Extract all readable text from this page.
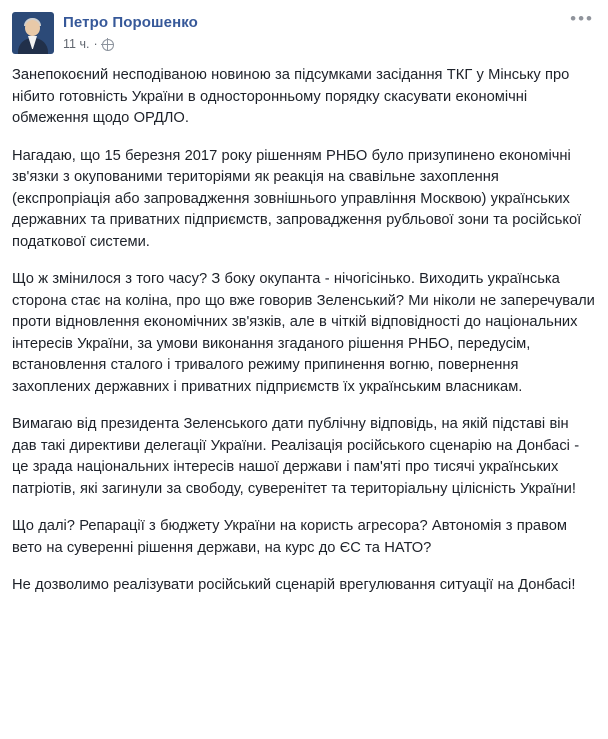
Петро Порошенко
11 ч. ·
•••

Занепокоєний несподіваною новиною за підсумками засідання ТКГ у Мінську про нібито готовність України в односторонньому порядку скасувати економічні обмеження щодо ОРДЛО.

Нагадаю, що 15 березня 2017 року рішенням РНБО було призупинено економічні зв'язки з окупованими територіями як реакція на свавільне захоплення (експропріація або запровадження зовнішнього управління Москвою) українських державних та приватних підприємств, запровадження рубльової зони та російської податкової системи.

Що ж змінилося з того часу? З боку окупанта - нічогісінько. Виходить українська сторона стає на коліна, про що вже говорив Зеленський? Ми ніколи не заперечували проти відновлення економічних зв'язків, але в чіткій відповідності до національних інтересів України, за умови виконання згаданого рішення РНБО, передусім, встановлення сталого і тривалого режиму припинення вогню, повернення захоплених державних і приватних підприємств їх українським власникам.

Вимагаю від президента Зеленського дати публічну відповідь, на якій підставі він дав такі директиви делегації України. Реалізація російського сценарію на Донбасі - це зрада національних інтересів нашої держави і пам'яті про тисячі українських патріотів, які загинули за свободу, суверенітет та територіальну цілісність України!

Що далі? Репарації з бюджету України на користь агресора? Автономія з правом вето на суверенні рішення держави, на курс до ЄС та НАТО?

Не дозволимо реалізувати російський сценарій врегулювання ситуації на Донбасі!
